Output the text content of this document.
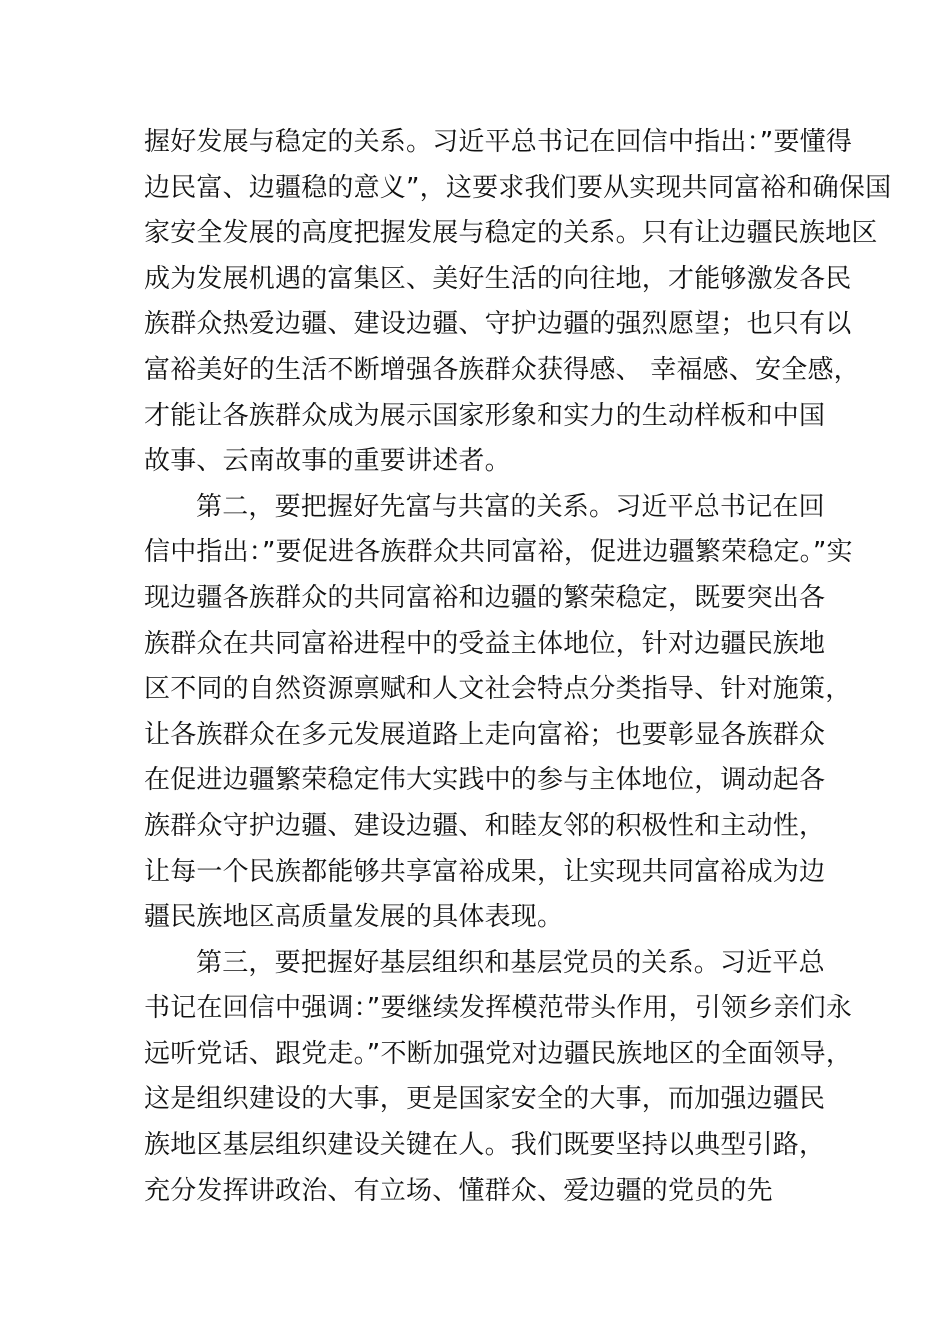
握好发展与稳定的关系。习近平总书记在回信中指出：”要懂得
边民富、边疆稳的意义”，这要求我们要从实现共同富裕和确保国
家安全发展的高度把握发展与稳定的关系。只有让边疆民族地区
成为发展机遇的富集区、美好生活的向往地，才能够激发各民
族群众热爱边疆、建设边疆、守护边疆的强烈愿望；也只有以
富裕美好的生活不断增强各族群众获得感、 幸福感、安全感，
才能让各族群众成为展示国家形象和实力的生动样板和中国
故事、云南故事的重要讲述者。
第二，要把握好先富与共富的关系。习近平总书记在回
信中指出：”要促进各族群众共同富裕，促进边疆繁荣稳定。”实
现边疆各族群众的共同富裕和边疆的繁荣稳定，既要突出各
族群众在共同富裕进程中的受益主体地位，针对边疆民族地
区不同的自然资源禀赋和人文社会特点分类指导、针对施策，
让各族群众在多元发展道路上走向富裕；也要彰显各族群众
在促进边疆繁荣稳定伟大实践中的参与主体地位，调动起各
族群众守护边疆、建设边疆、和睦友邻的积极性和主动性，
让每一个民族都能够共享富裕成果，让实现共同富裕成为边
疆民族地区高质量发展的具体表现。
第三，要把握好基层组织和基层党员的关系。习近平总
书记在回信中强调：”要继续发挥模范带头作用，引领乡亲们永
远听党话、跟党走。”不断加强党对边疆民族地区的全面领导，
这是组织建设的大事，更是国家安全的大事，而加强边疆民
族地区基层组织建设关键在人。我们既要坚持以典型引路，
充分发挥讲政治、有立场、懂群众、爱边疆的党员的先
